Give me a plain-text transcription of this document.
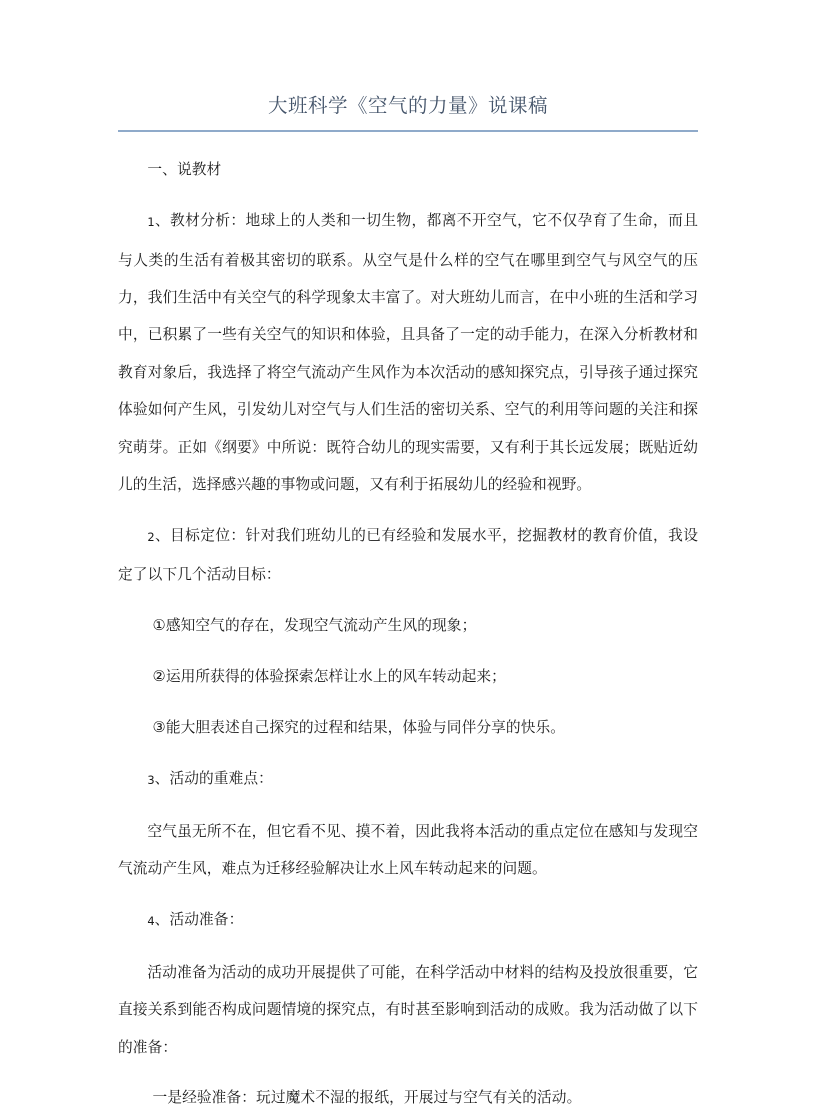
大班科学《空气的力量》说课稿

一、说教材

1、教材分析：地球上的人类和一切生物，都离不开空气，它不仅孕育了生命，而且与人类的生活有着极其密切的联系。从空气是什么样的空气在哪里到空气与风空气的压力，我们生活中有关空气的科学现象太丰富了。对大班幼儿而言，在中小班的生活和学习中，已积累了一些有关空气的知识和体验，且具备了一定的动手能力，在深入分析教材和教育对象后，我选择了将空气流动产生风作为本次活动的感知探究点，引导孩子通过探究体验如何产生风，引发幼儿对空气与人们生活的密切关系、空气的利用等问题的关注和探究萌芽。正如《纲要》中所说：既符合幼儿的现实需要，又有利于其长远发展；既贴近幼儿的生活，选择感兴趣的事物或问题，又有利于拓展幼儿的经验和视野。

2、目标定位：针对我们班幼儿的已有经验和发展水平，挖掘教材的教育价值，我设定了以下几个活动目标：

①感知空气的存在，发现空气流动产生风的现象；

②运用所获得的体验探索怎样让水上的风车转动起来；

③能大胆表述自己探究的过程和结果，体验与同伴分享的快乐。

3、活动的重难点：

空气虽无所不在，但它看不见、摸不着，因此我将本活动的重点定位在感知与发现空气流动产生风，难点为迁移经验解决让水上风车转动起来的问题。

4、活动准备：

活动准备为活动的成功开展提供了可能，在科学活动中材料的结构及投放很重要，它直接关系到能否构成问题情境的探究点，有时甚至影响到活动的成败。我为活动做了以下的准备：

一是经验准备：玩过魔术不湿的报纸，开展过与空气有关的活动。
